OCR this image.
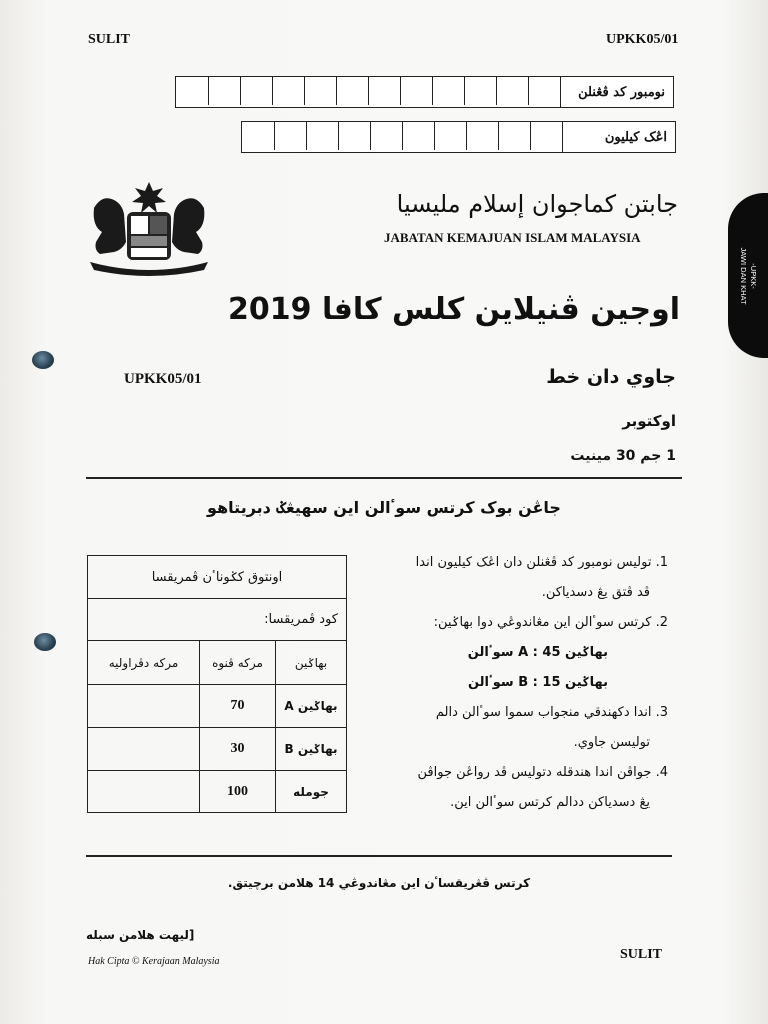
SULIT	UPKK05/01
نومبور كد ڤڠنلن
اڠک كيليون
جابتن كماجوان إسلام مليسيا
JABATAN KEMAJUAN ISLAM MALAYSIA
اوجين ڤنيلاين كلس كافا 2019
UPKK05/01	جاوي دان خط
اوكتوبر
1 جم 30 مينيت
جاڠن بوک كرتس سوٴالن اين سهيڠݢ دبريتاهو
اونتوق كݢوناٴن ڤمريقسا		
كود ڤمريقسا:		
بهاݢين	مركه ڤنوه	مركه دڤراوليه
بهاݢين A	70	
بهاݢين B	30	
جومله	100	

1. توليس نومبور كد ڤڠنلن دان اڠک كيليون اندا

ڤد ڤتق يڠ دسدياكن.

2. كرتس سوٴالن اين مڠاندوڠي دوا بهاݢين:

بهاݢين A : 45 سوٴالن

بهاݢين B : 15 سوٴالن

3. اندا دكهندقي منجواب سموا سوٴالن دالم

توليسن جاوي.

4. جواڤن اندا هندقله دتوليس ڤد رواڠن جواڤن

يڠ دسدياكن ددالم كرتس سوٴالن اين.

كرتس ڤڠريقساٴن اين مڠاندوڠي 14 هلامن برچيتق.
[ليهت هلامن سبله
Hak Cipta © Kerajaan Malaysia	SULIT
-UPKK-
JAWI DAN KHAT
